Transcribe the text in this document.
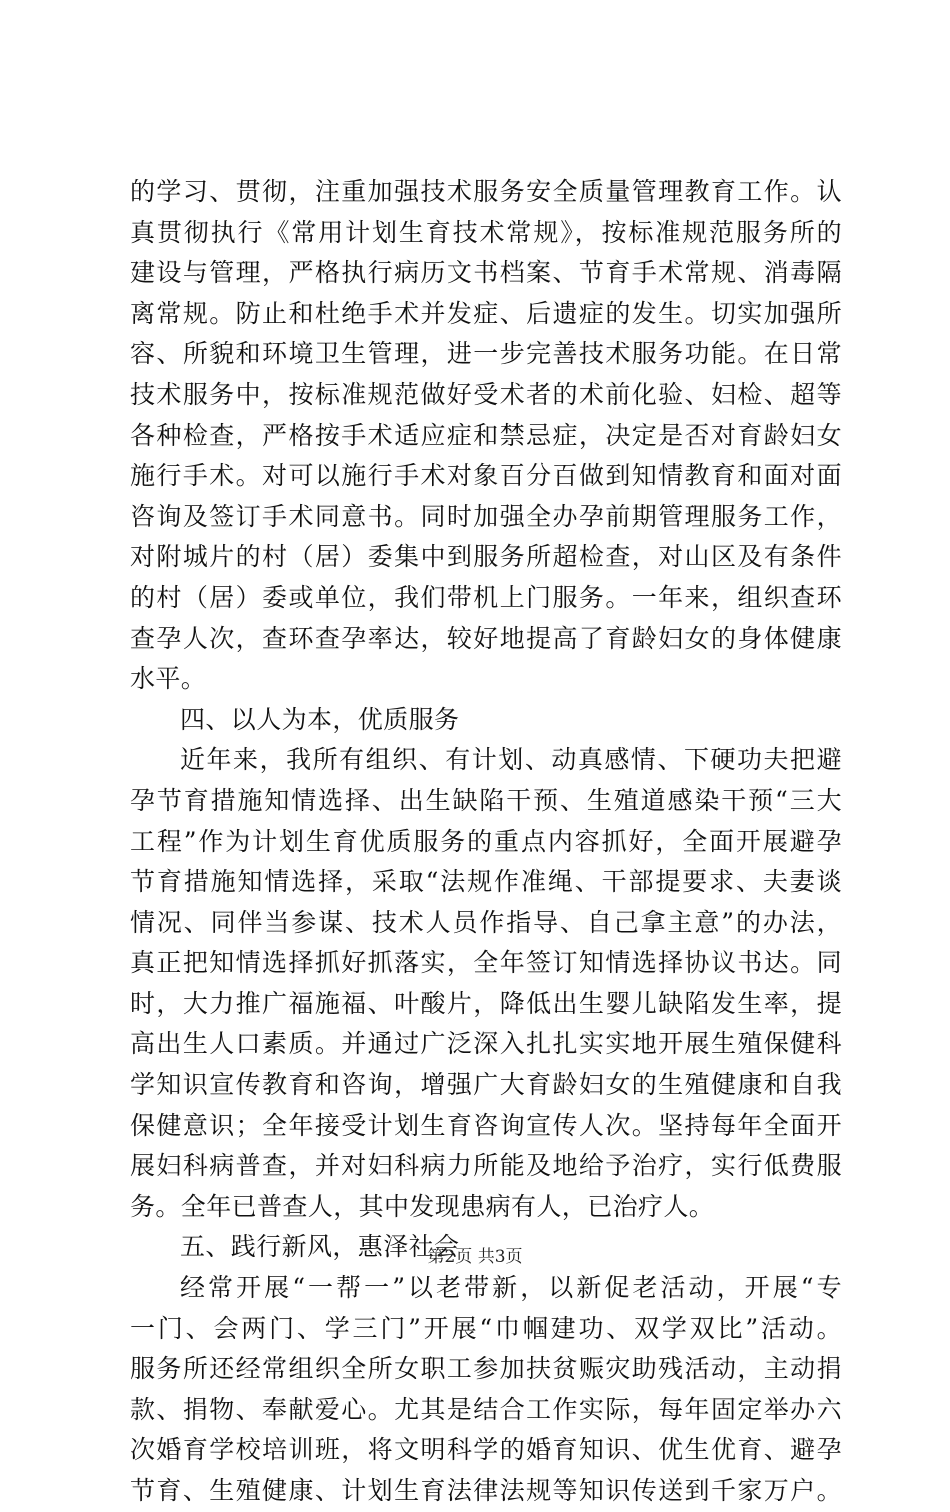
的学习、贯彻，注重加强技术服务安全质量管理教育工作。认
真贯彻执行《常用计划生育技术常规》，按标准规范服务所的
建设与管理，严格执行病历文书档案、节育手术常规、消毒隔
离常规。防止和杜绝手术并发症、后遗症的发生。切实加强所
容、所貌和环境卫生管理，进一步完善技术服务功能。在日常
技术服务中，按标准规范做好受术者的术前化验、妇检、超等
各种检查，严格按手术适应症和禁忌症，决定是否对育龄妇女
施行手术。对可以施行手术对象百分百做到知情教育和面对面
咨询及签订手术同意书。同时加强全办孕前期管理服务工作，
对附城片的村（居）委集中到服务所超检查，对山区及有条件
的村（居）委或单位，我们带机上门服务。一年来，组织查环
查孕人次，查环查孕率达，较好地提高了育龄妇女的身体健康
水平。
四、以人为本，优质服务
近年来，我所有组织、有计划、动真感情、下硬功夫把避
孕节育措施知情选择、出生缺陷干预、生殖道感染干预“三大
工程”作为计划生育优质服务的重点内容抓好，全面开展避孕
节育措施知情选择，采取“法规作准绳、干部提要求、夫妻谈
情况、同伴当参谋、技术人员作指导、自己拿主意”的办法，
真正把知情选择抓好抓落实，全年签订知情选择协议书达。同
时，大力推广福施福、叶酸片，降低出生婴儿缺陷发生率，提
高出生人口素质。并通过广泛深入扎扎实实地开展生殖保健科
学知识宣传教育和咨询，增强广大育龄妇女的生殖健康和自我
保健意识；全年接受计划生育咨询宣传人次。坚持每年全面开
展妇科病普查，并对妇科病力所能及地给予治疗，实行低费服
务。全年已普查人，其中发现患病有人，已治疗人。
五、践行新风，惠泽社会
经常开展“一帮一”以老带新，以新促老活动，开展“专
一门、会两门、学三门”开展“巾帼建功、双学双比”活动。
服务所还经常组织全所女职工参加扶贫赈灾助残活动，主动捐
款、捐物、奉献爱心。尤其是结合工作实际，每年固定举办六
次婚育学校培训班，将文明科学的婚育知识、优生优育、避孕
节育、生殖健康、计划生育法律法规等知识传送到千家万户。
第2页 共3页
